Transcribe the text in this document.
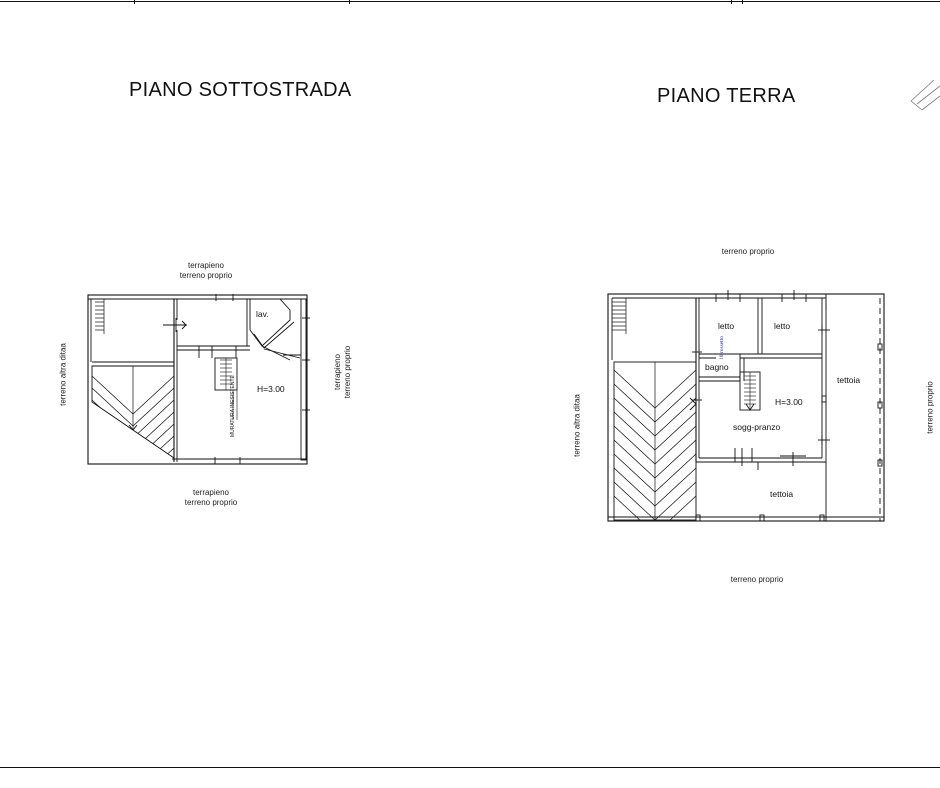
PIANO SOTTOSTRADA	PIANO TERRA
terrapieno
terreno proprio
terrapieno
terreno proprio
terreno altra ditaa	terrapieno terreno proprio
lav.
H=3.00
MURATURA INESISTENTE
terreno proprio
terreno proprio
terreno altra ditaa	terreno proprio
letto	letto
bagno
H=3.00
sogg-pranzo
tettoia
tettoia
10 rossetto
